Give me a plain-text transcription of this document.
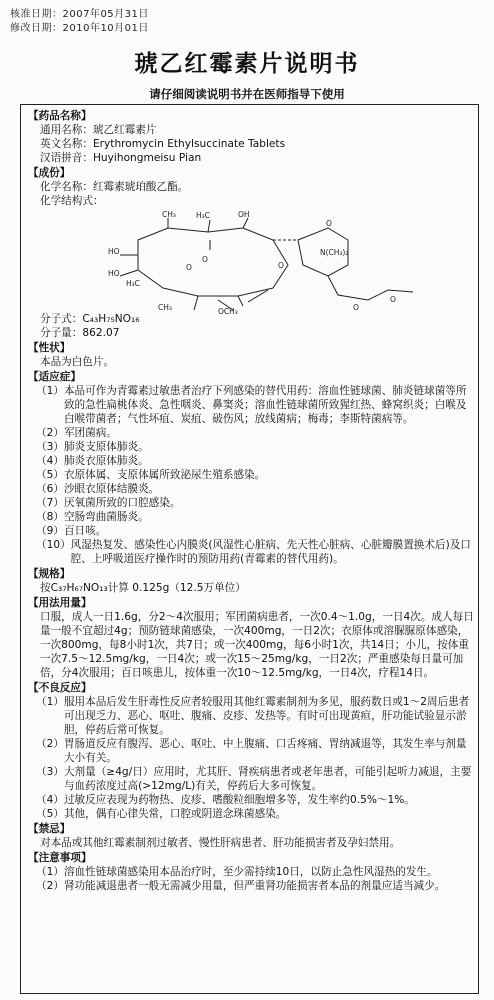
核准日期：2007年05月31日
修改日期：2010年10月01日
琥乙红霉素片说明书
请仔细阅读说明书并在医师指导下使用
【药品名称】
通用名称：琥乙红霉素片
英文名称：Erythromycin Ethylsuccinate Tablets
汉语拼音：Huyihongmeisu Pian
【成份】
化学名称：红霉素琥珀酸乙酯。
化学结构式：
CH₃	H₃C	OH
HO
HO
H₃C
O
O
O
N(CH₃)₂
O
O
O
OCH₃
CH₃
分子式：C₄₃H₇₅NO₁₆
分子量：862.07
【性状】
本品为白色片。
【适应症】
（1） 本品可作为青霉素过敏患者治疗下列感染的替代用药：溶血性链球菌、肺炎链球菌等所致的急性扁桃体炎、急性咽炎、鼻窦炎；溶血性链球菌所致猩红热、蜂窝织炎；白喉及白喉带菌者；气性坏疽、炭疽、破伤风；放线菌病；梅毒；李斯特菌病等。
（2） 军团菌病。
（3） 肺炎支原体肺炎。
（4） 肺炎衣原体肺炎。
（5） 衣原体属、支原体属所致泌尿生殖系感染。
（6） 沙眼衣原体结膜炎。
（7） 厌氧菌所致的口腔感染。
（8） 空肠弯曲菌肠炎。
（9） 百日咳。
（10） 风湿热复发、感染性心内膜炎(风湿性心脏病、先天性心脏病、心脏瓣膜置换术后)及口腔、上呼吸道医疗操作时的预防用药(青霉素的替代用药)。
【规格】
按C₃₇H₆₇NO₁₃计算 0.125g（12.5万单位）
【用法用量】
口服，成人一日1.6g，分2～4次服用；军团菌病患者，一次0.4～1.0g，一日4次。成人每日量一般不宜超过4g；预防链球菌感染，一次400mg，一日2次；衣原体或溶脲脲原体感染，一次800mg，每8小时1次，共7日；或一次400mg，每6小时1次，共14日；小儿，按体重一次7.5～12.5mg/kg，一日4次；或一次15～25mg/kg，一日2次；严重感染每日量可加倍，分4次服用；百日咳患儿，按体重一次10～12.5mg/kg，一日4次，疗程14日。
【不良反应】
（1） 服用本品后发生肝毒性反应者较服用其他红霉素制剂为多见，服药数日或1～2周后患者可出现乏力、恶心、呕吐、腹痛、皮疹、发热等。有时可出现黄疸，肝功能试验显示淤胆，停药后常可恢复。
（2） 胃肠道反应有腹泻、恶心、呕吐、中上腹痛、口舌疼痛、胃纳减退等，其发生率与剂量大小有关。
（3） 大剂量（≥4g/日）应用时，尤其肝、肾疾病患者或老年患者，可能引起听力减退，主要与血药浓度过高(>12mg/L)有关，停药后大多可恢复。
（4） 过敏反应表现为药物热、皮疹、嗜酸粒细胞增多等，发生率约0.5%～1%。
（5） 其他，偶有心律失常，口腔或阴道念珠菌感染。
【禁忌】
对本品或其他红霉素制剂过敏者、慢性肝病患者、肝功能损害者及孕妇禁用。
【注意事项】
（1） 溶血性链球菌感染用本品治疗时，至少需持续10日，以防止急性风湿热的发生。
（2） 肾功能减退患者一般无需减少用量，但严重肾功能损害者本品的剂量应适当减少。
